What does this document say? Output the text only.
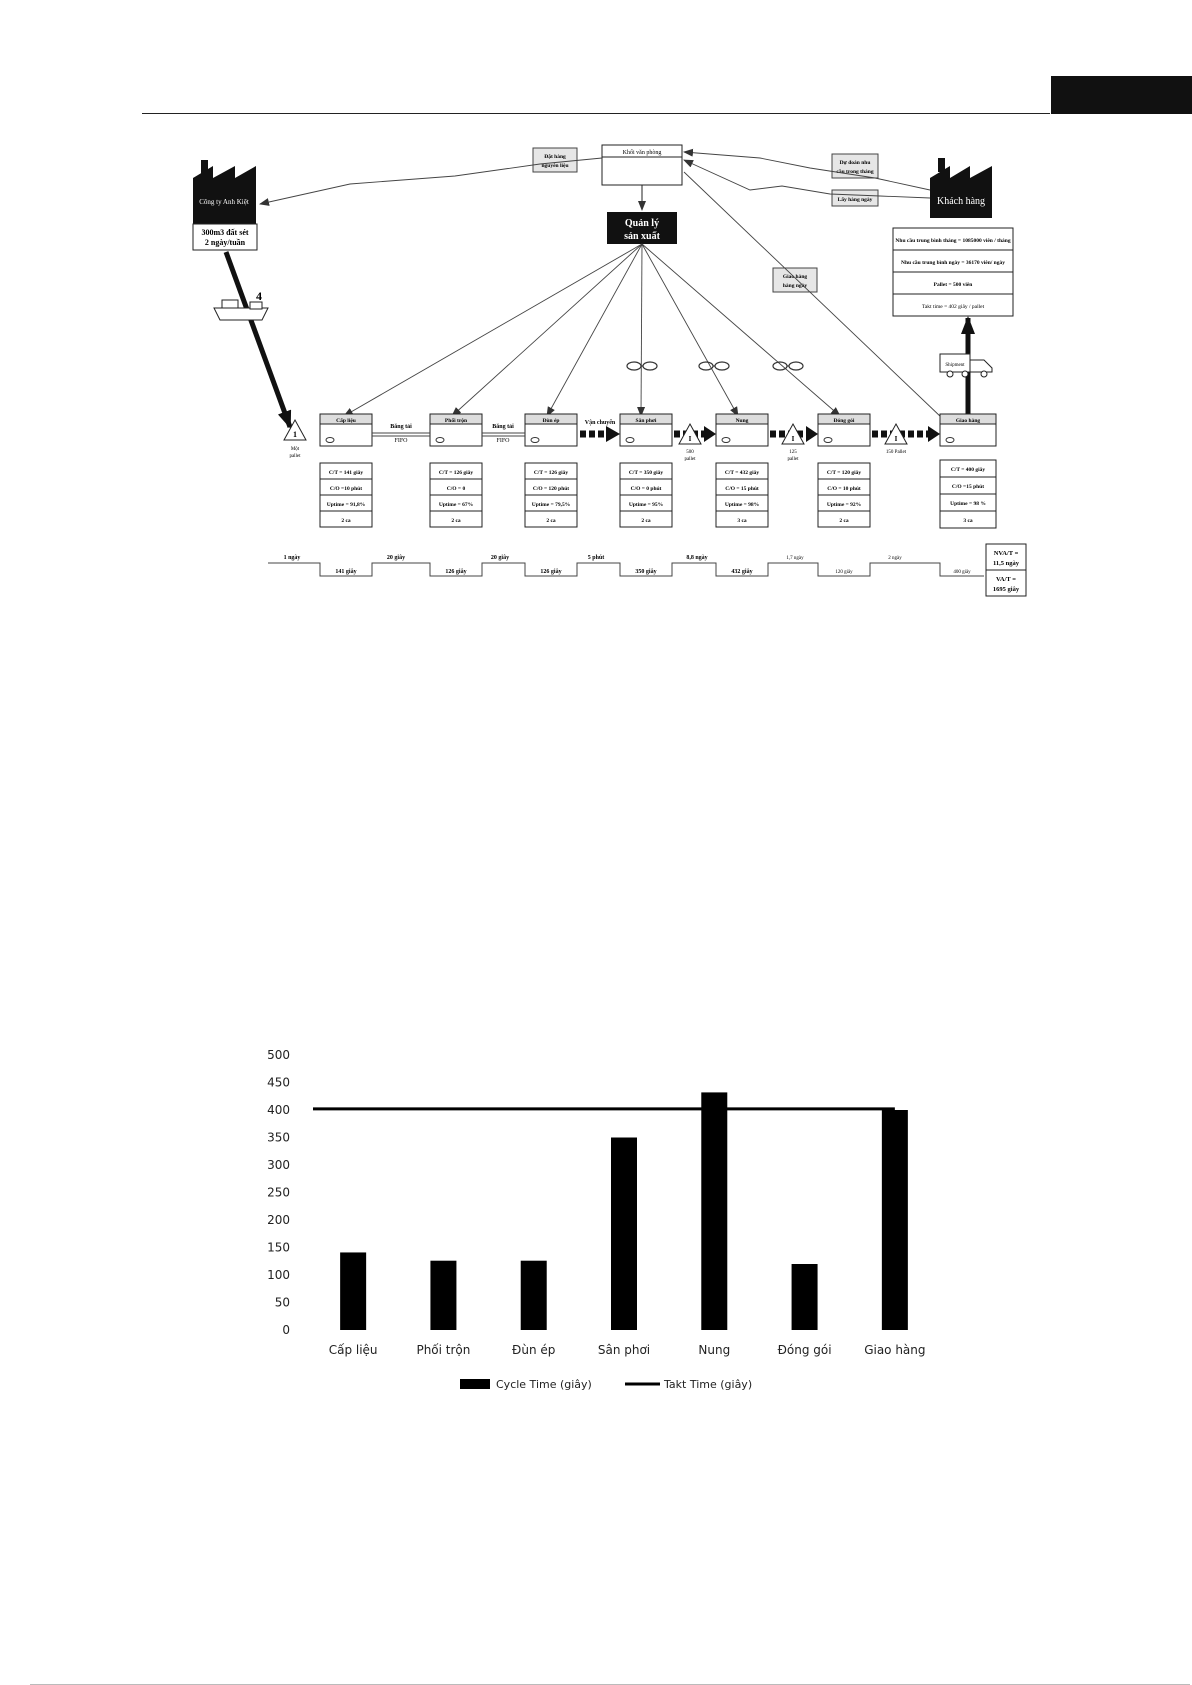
Công ty Anh Kiệt
300m3 đất sét
2 ngày/tuần
Khách hàng
Nhu cầu trung bình tháng = 1085000 viên / tháng
Nhu cầu trung bình ngày = 36170 viên/ ngày
Pallet = 500 viên
Takt time = 402 giây / pallet
Khối văn phòng
Quản lý
sản xuất
Đặt hàng
nguyên liệu	Dự đoán nhu
cầu trong tháng
Lấy hàng ngày
Giao hàng
hàng ngày
4
Shipment
1
Một
pallet
Cấp liệu	Phối trộn	Đùn ép	Sân phơi	Nung	Đóng gói	Giao hàng
C/T = 141 giây
C/O =10 phút
Uptime = 91,8%
2 ca
C/T = 126 giây
C/O = 0
Uptime = 67%
2 ca
C/T = 126 giây
C/O = 120 phút
Uptime = 79,5%
2 ca
C/T = 350 giây
C/O = 0 phút
Uptime = 95%
2 ca
C/T = 432 giây
C/O = 15 phút
Uptime = 98%
3 ca
C/T = 120 giây
C/O = 10 phút
Uptime = 92%
2 ca
C/T = 400 giây
C/O =15 phút
Uptime = 98 %
3 ca
Băng tải
FIFO
Băng tải
FIFO
Vận chuyển
I
500
pallet
I
125
pallet
I
150 Pallet
1 ngày	20 giây	20 giây	5 phút	8,8 ngày	1,7 ngày	2 ngày
141 giây	126 giây	126 giây	350 giây	432 giây	120 giây	400 giây
NVA/T =
11,5 ngày
VA/T =
1695 giây
0
50
100
150
200
250
300
350
400
450
500
Cấp liệu	Phối trộn	Đùn ép	Sân phơi	Nung	Đóng gói	Giao hàng
Cycle Time (giây)	Takt Time (giây)
